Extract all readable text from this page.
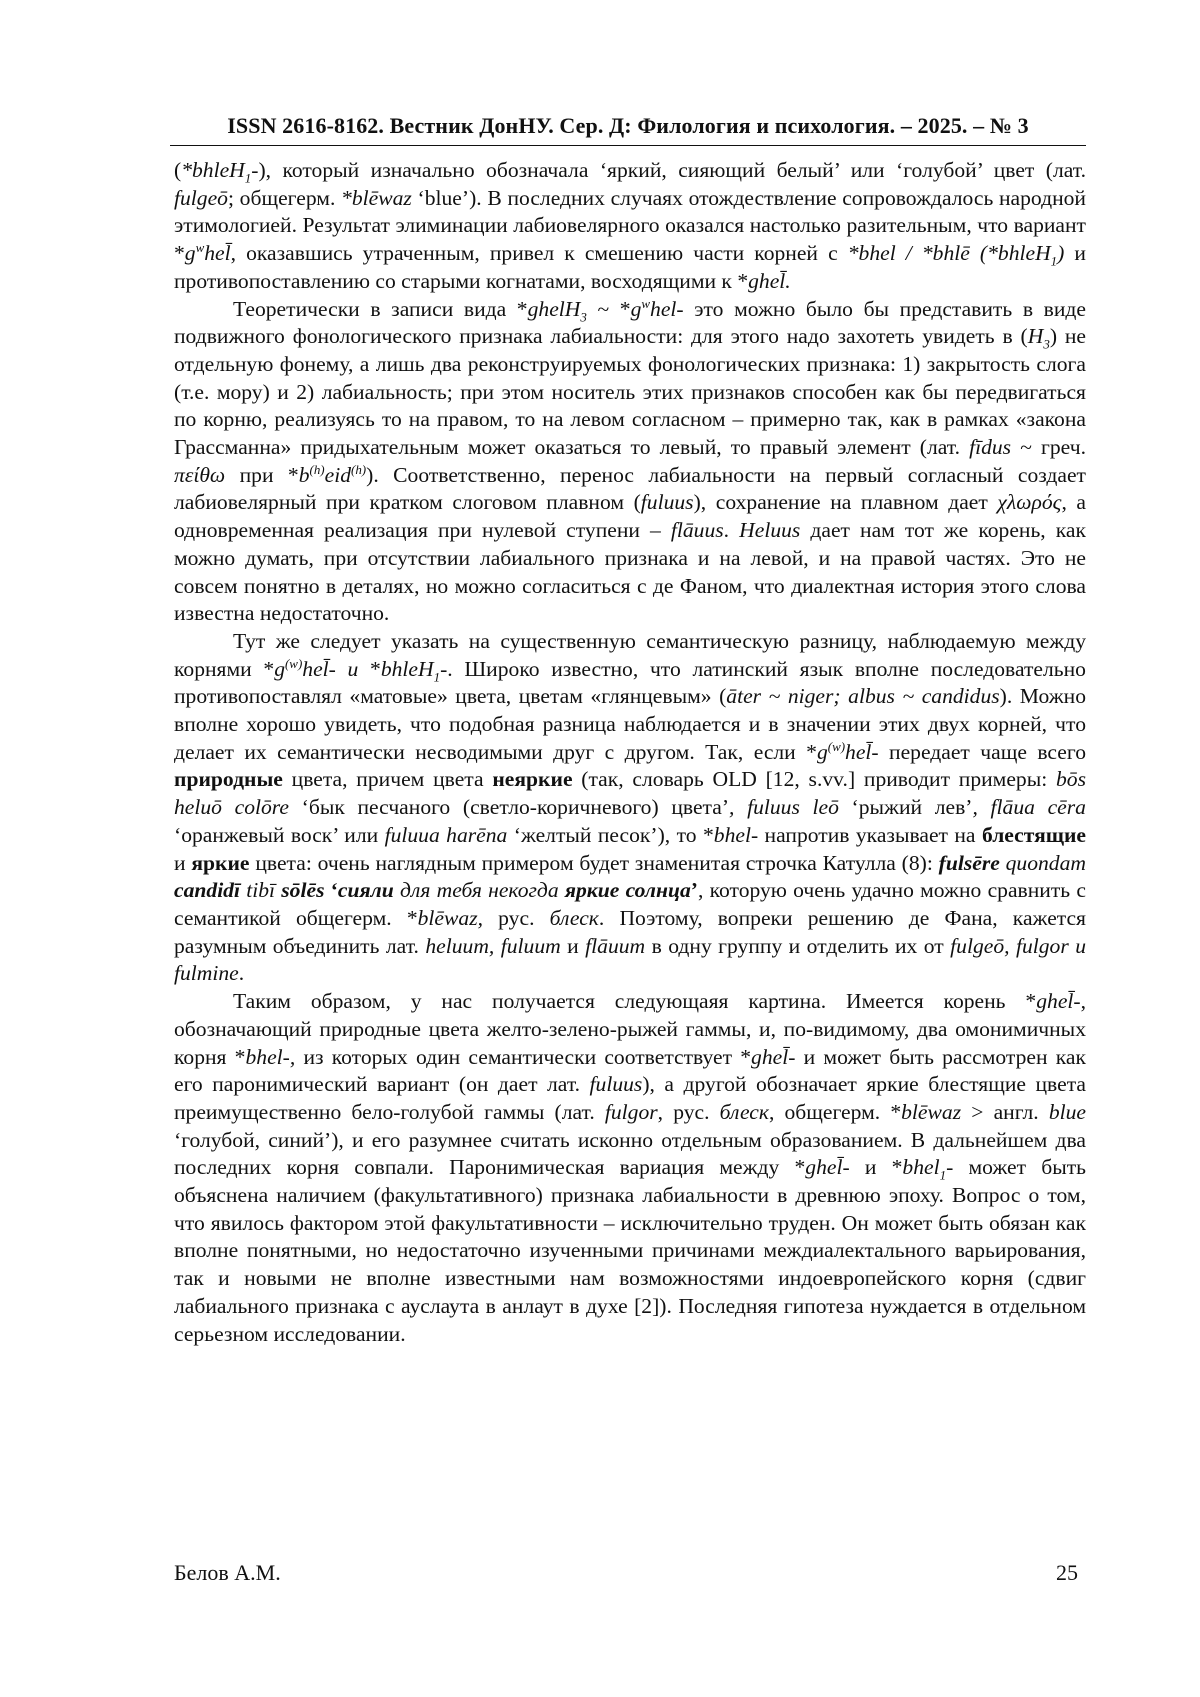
ISSN 2616-8162. Вестник ДонНУ. Сер. Д: Филология и психология. – 2025. – № 3

(*bhleH$_1$-), который изначально обозначала ‘яркий, сияющий белый’ или ‘голубой’ цвет (лат. fulgeō; общегерм. *blēwaz ‘blue’). В последних случаях отождествление сопровождалось народной этимологией. Результат элиминации лабиовелярного оказался настолько разительным, что вариант $*g^whel̄$, оказавшись утраченным, привел к смешению части корней с *bhel / *bhlē (*bhleH$_1$) и противопоставлению со старыми когнатами, восходящими к *ghel̄.

Теоретически в записи вида *ghelH$_3$ ~ $*g^whel-$ это можно было бы представить в виде подвижного фонологического признака лабиальности: для этого надо захотеть увидеть в $(H_3)$ не отдельную фонему, а лишь два реконструируемых фонологических признака: 1) закрытость слога (т.е. мору) и 2) лабиальность; при этом носитель этих признаков способен как бы передвигаться по корню, реализуясь то на правом, то на левом согласном – примерно так, как в рамках «закона Грассманна» придыхательным может оказаться то левый, то правый элемент (лат. fīdus ~ греч. πείθω при $*b^{(h)}eid^{(h)}$). Соответственно, перенос лабиальности на первый согласный создает лабиовелярный при кратком слоговом плавном (fuluus), сохранение на плавном дает χλωρός, а одновременная реализация при нулевой ступени – flāuus. Heluus дает нам тот же корень, как можно думать, при отсутствии лабиального признака и на левой, и на правой частях. Это не совсем понятно в деталях, но можно согласиться с де Фаном, что диалектная история этого слова известна недостаточно.

Тут же следует указать на существенную семантическую разницу, наблюдаемую между корнями $*g^{(w)}hel̄-$ и *bhleH$_1$-. Широко известно, что латинский язык вполне последовательно противопоставлял «матовые» цвета, цветам «глянцевым» (āter ~ niger; albus ~ candidus). Можно вполне хорошо увидеть, что подобная разница наблюдается и в значении этих двух корней, что делает их семантически несводимыми друг с другом. Так, если $*g^{(w)}hel̄-$ передает чаще всего природные цвета, причем цвета неяркие (так, словарь OLD [12, s.vv.] приводит примеры: bōs heluō colōre ‘бык песчаного (светло-коричневого) цвета’, fuluus leō ‘рыжий лев’, flāua cēra ‘оранжевый воск’ или fuluua harēna ‘желтый песок’), то *bhel- напротив указывает на блестящие и яркие цвета: очень наглядным примером будет знаменитая строчка Катулла (8): fulsēre quondam candidī tibī sōlēs ‘сияли для тебя некогда яркие солнца’, которую очень удачно можно сравнить с семантикой общегерм. *blēwaz, рус. блеск. Поэтому, вопреки решению де Фана, кажется разумным объединить лат. heluum, fuluum и flāuum в одну группу и отделить их от fulgeō, fulgor и fulmine.

Таким образом, у нас получается следующаяя картина. Имеется корень *ghel̄-, обозначающий природные цвета желто-зелено-рыжей гаммы, и, по-видимому, два омонимичных корня *bhel-, из которых один семантически соответствует *ghel̄- и может быть рассмотрен как его паронимический вариант (он дает лат. fuluus), а другой обозначает яркие блестящие цвета преимущественно бело-голубой гаммы (лат. fulgor, рус. блеск, общегерм. *blēwaz > англ. blue ‘голубой, синий’), и его разумнее считать исконно отдельным образованием. В дальнейшем два последних корня совпали. Паронимическая вариация между *ghel̄- и *bhel$_1$- может быть объяснена наличием (факультативного) признака лабиальности в древнюю эпоху. Вопрос о том, что явилось фактором этой факультативности – исключительно труден. Он может быть обязан как вполне понятными, но недостаточно изученными причинами междиалектального варьирования, так и новыми не вполне известными нам возможностями индоевропейского корня (сдвиг лабиального признака с ауслаута в анлаут в духе [2]). Последняя гипотеза нуждается в отдельном серьезном исследовании.

Белов А.М.	25
